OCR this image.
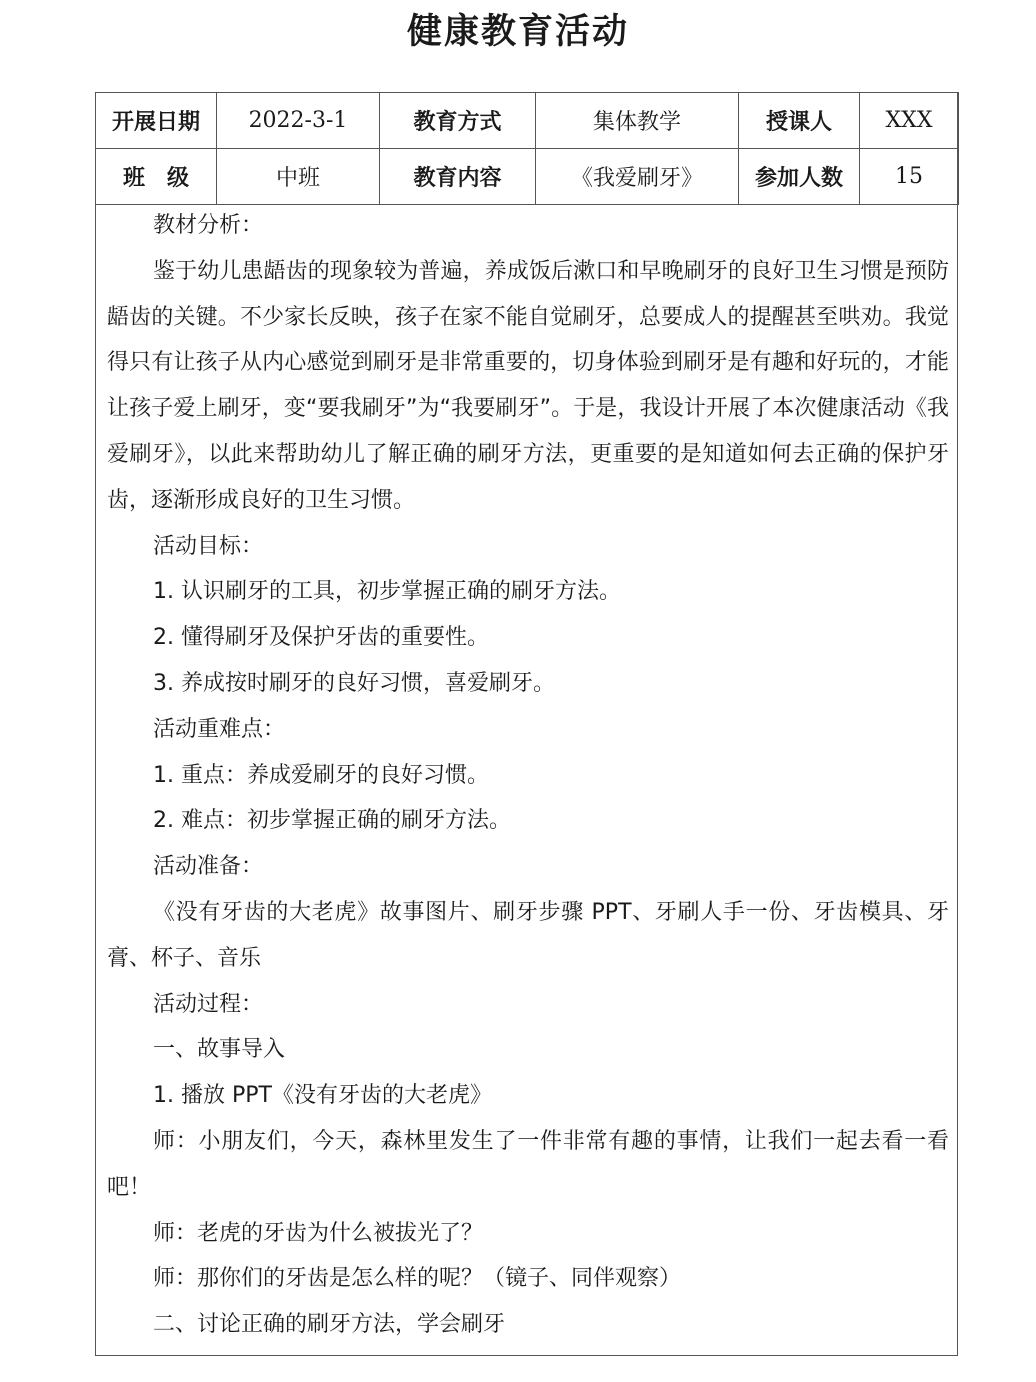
健康教育活动
开展日期	2022-3-1	教育方式	集体教学	授课人	XXX
班　级	中班	教育内容	《我爱刷牙》	参加人数	15

教材分析：

鉴于幼儿患龉齿的现象较为普遍，养成饭后漱口和早晚刷牙的良好卫生习惯是预防龉齿的关键。不少家长反映，孩子在家不能自觉刷牙，总要成人的提醒甚至哄劝。我觉得只有让孩子从内心感觉到刷牙是非常重要的，切身体验到刷牙是有趣和好玩的，才能让孩子爱上刷牙，变“要我刷牙”为“我要刷牙”。于是，我设计开展了本次健康活动《我爱刷牙》，以此来帮助幼儿了解正确的刷牙方法，更重要的是知道如何去正确的保护牙齿，逐渐形成良好的卫生习惯。

活动目标：

1. 认识刷牙的工具，初步掌握正确的刷牙方法。

2. 懂得刷牙及保护牙齿的重要性。

3. 养成按时刷牙的良好习惯，喜爱刷牙。

活动重难点：

1. 重点：养成爱刷牙的良好习惯。

2. 难点：初步掌握正确的刷牙方法。

活动准备：

《没有牙齿的大老虎》故事图片、刷牙步骤 PPT、牙刷人手一份、牙齿模具、牙膏、杯子、音乐

活动过程：

一、故事导入

1. 播放 PPT《没有牙齿的大老虎》

师：小朋友们，今天，森林里发生了一件非常有趣的事情，让我们一起去看一看吧！

师：老虎的牙齿为什么被拔光了？

师：那你们的牙齿是怎么样的呢？（镜子、同伴观察）

二、讨论正确的刷牙方法，学会刷牙
